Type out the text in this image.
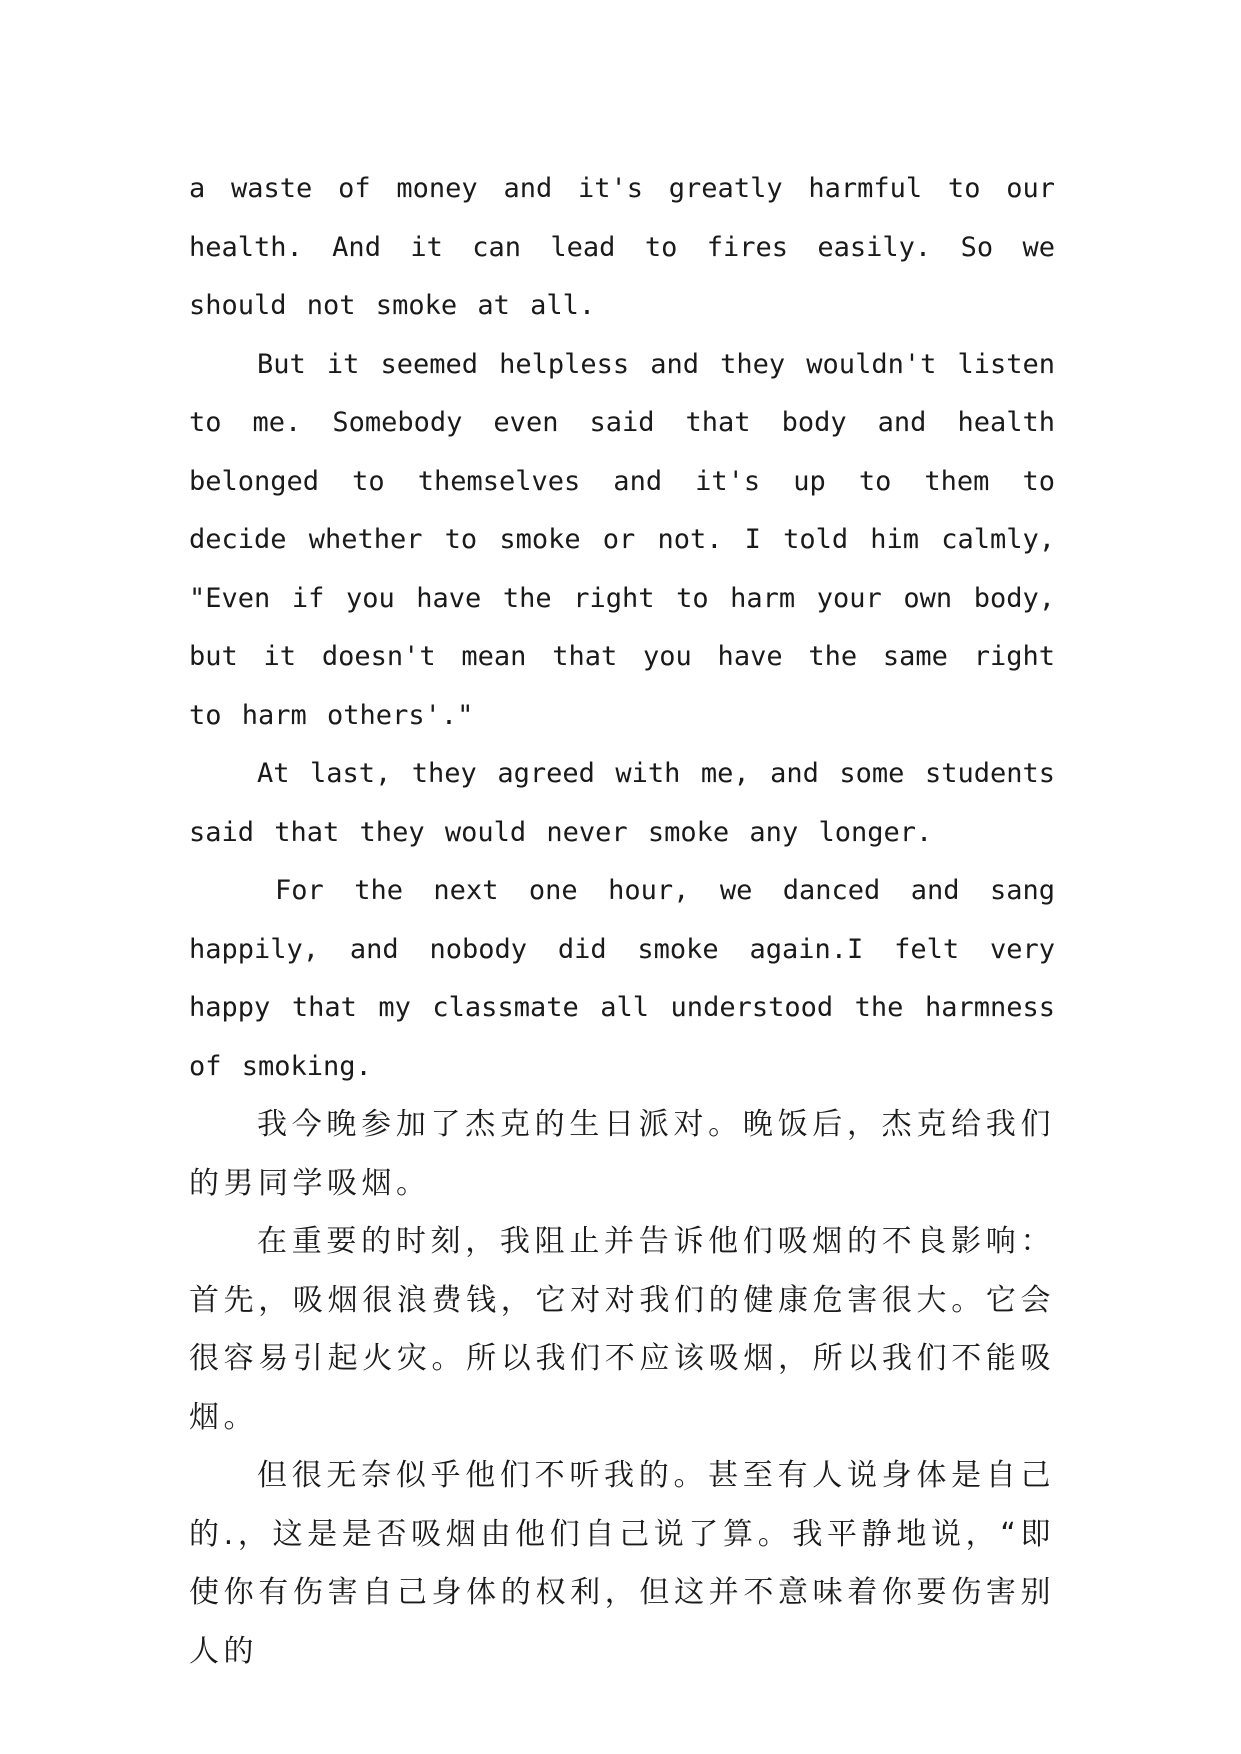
a waste of money and it's greatly harmful to our health. And it can lead to fires easily. So we should not smoke at all.

But it seemed helpless and they wouldn't listen to me. Somebody even said that body and health belonged to themselves and it's up to them to decide whether to smoke or not. I told him calmly, "Even if you have the right to harm your own body, but it doesn't mean that you have the same right to harm others'."

At last, they agreed with me, and some students said that they would never smoke any longer.

For the next one hour, we danced and sang happily, and nobody did smoke again.I felt very happy that my classmate all understood the harmness of smoking.

我今晚参加了杰克的生日派对。晚饭后，杰克给我们的男同学吸烟。

在重要的时刻，我阻止并告诉他们吸烟的不良影响：首先，吸烟很浪费钱，它对对我们的健康危害很大。它会很容易引起火灾。所以我们不应该吸烟，所以我们不能吸烟。

但很无奈似乎他们不听我的。甚至有人说身体是自己的.，这是是否吸烟由他们自己说了算。我平静地说，“即使你有伤害自己身体的权利，但这并不意味着你要伤害别人的
